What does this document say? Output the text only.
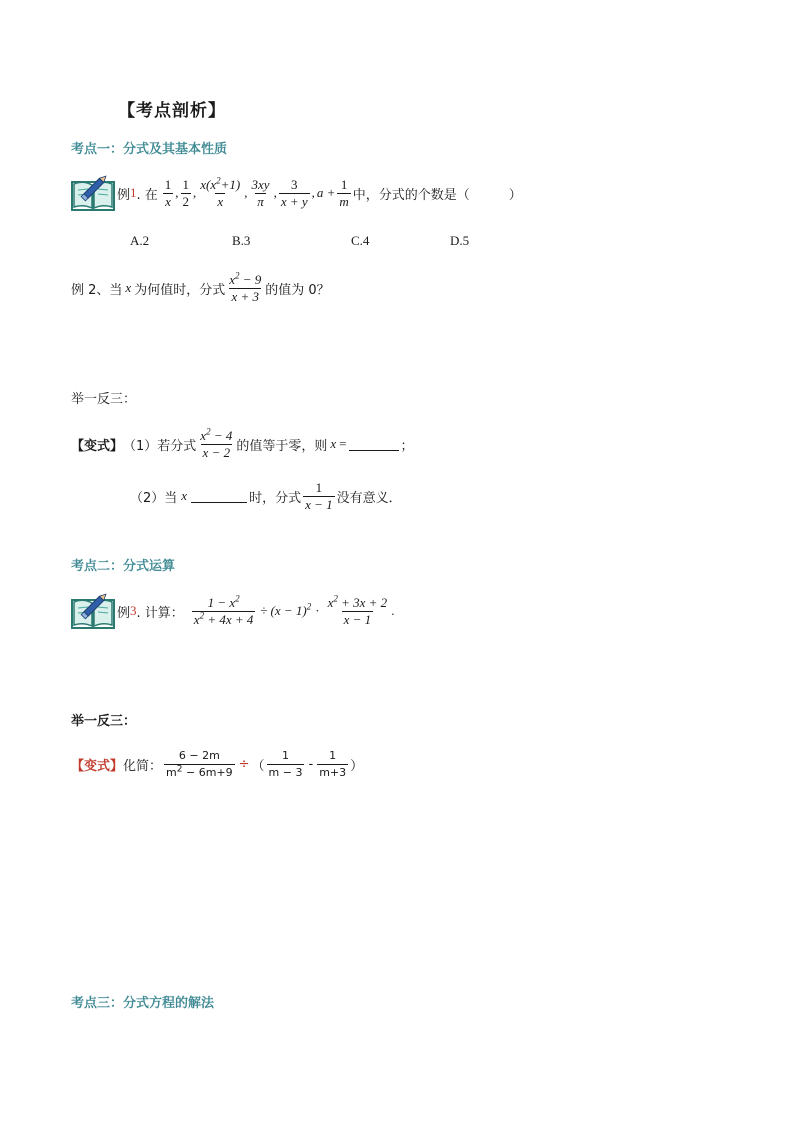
【考点剖析】
考点一：分式及其基本性质
例 1 . 在 $\frac{1}{x}$ , $\frac{1}{2}$ , $\frac{x(x^2+1)}{x}$ , $\frac{3xy}{\pi}$ , $\frac{3}{x + y}$ , $a + \frac{1}{m}$ 中，分式的个数是（　　　）
A.2	B.3	C.4	D.5
例 2、当 x 为何值时，分式 $\frac{x^2 - 9}{x + 3}$ 的值为 0？
举一反三：
【变式】 （1）若分式 $\frac{x^2 - 4}{x - 2}$ 的值等于零，则 x =	；
（2）当 x	时，分式 $\frac{1}{x - 1}$ 没有意义．
考点二：分式运算
例 3 . 计算： $\frac{1 - x^2}{x^2 + 4x + 4} \div (x - 1)^2 \cdot \frac{x^2 + 3x + 2}{x - 1}$ .
举一反三：
【变式】 化简： $\frac{6 - 2m}{m^2 - 6m+9}$ ÷ （ $\frac{1}{m - 3} - \frac{1}{m+3}$ ）
考点三：分式方程的解法
